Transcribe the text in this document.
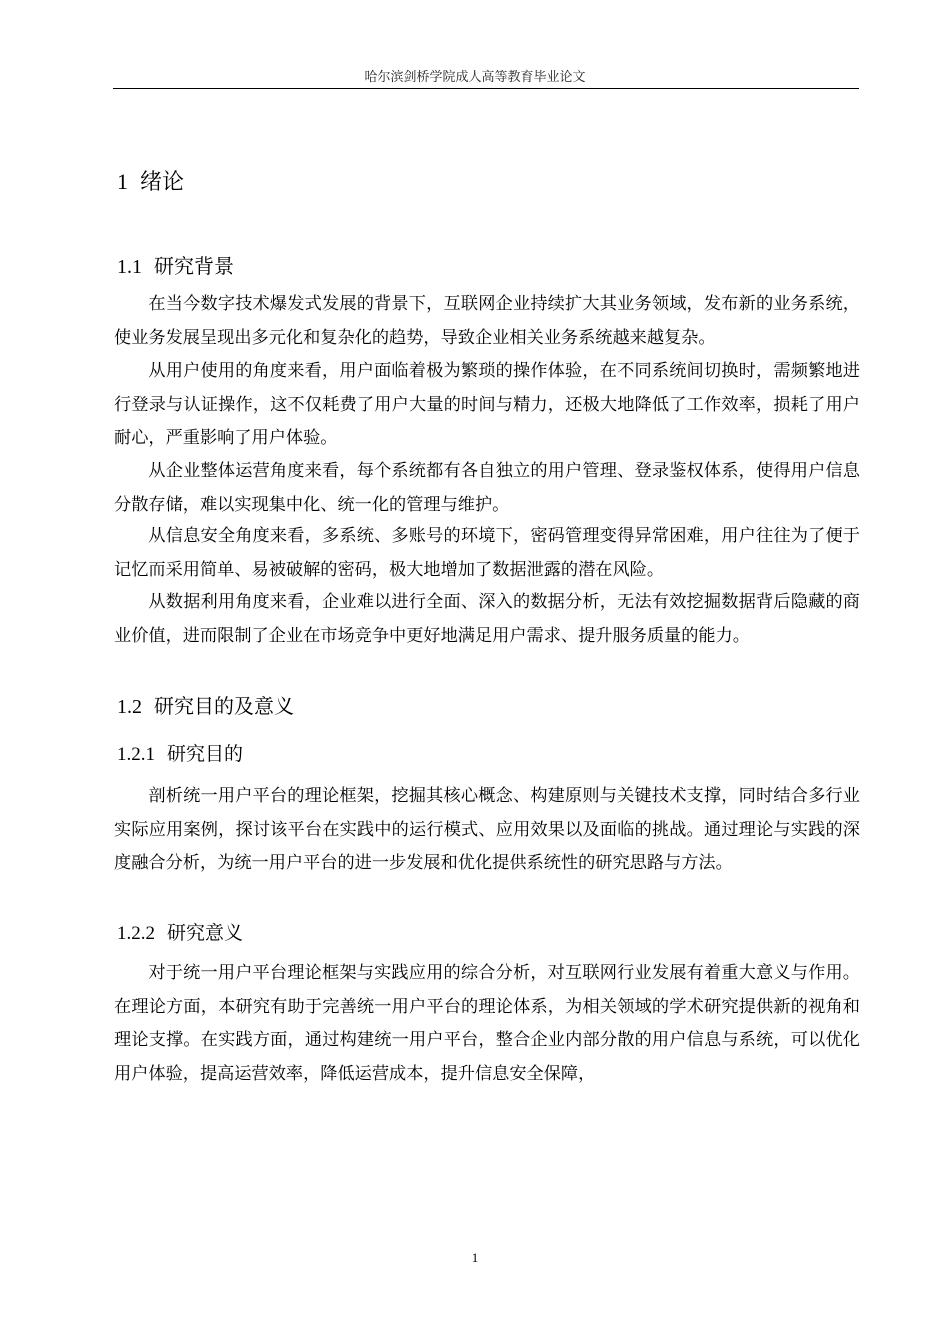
哈尔滨剑桥学院成人高等教育毕业论文
1 绪论
1.1 研究背景

在当今数字技术爆发式发展的背景下，互联网企业持续扩大其业务领域，发布新的业务系统，使业务发展呈现出多元化和复杂化的趋势，导致企业相关业务系统越来越复杂。

从用户使用的角度来看，用户面临着极为繁琐的操作体验，在不同系统间切换时，需频繁地进行登录与认证操作，这不仅耗费了用户大量的时间与精力，还极大地降低了工作效率，损耗了用户耐心，严重影响了用户体验。

从企业整体运营角度来看，每个系统都有各自独立的用户管理、登录鉴权体系，使得用户信息分散存储，难以实现集中化、统一化的管理与维护。

从信息安全角度来看，多系统、多账号的环境下，密码管理变得异常困难，用户往往为了便于记忆而采用简单、易被破解的密码，极大地增加了数据泄露的潜在风险。

从数据利用角度来看，企业难以进行全面、深入的数据分析，无法有效挖掘数据背后隐藏的商业价值，进而限制了企业在市场竞争中更好地满足用户需求、提升服务质量的能力。

1.2 研究目的及意义
1.2.1 研究目的

剖析统一用户平台的理论框架，挖掘其核心概念、构建原则与关键技术支撑，同时结合多行业实际应用案例，探讨该平台在实践中的运行模式、应用效果以及面临的挑战。通过理论与实践的深度融合分析，为统一用户平台的进一步发展和优化提供系统性的研究思路与方法。

1.2.2 研究意义

对于统一用户平台理论框架与实践应用的综合分析，对互联网行业发展有着重大意义与作用。在理论方面，本研究有助于完善统一用户平台的理论体系，为相关领域的学术研究提供新的视角和理论支撑。在实践方面，通过构建统一用户平台，整合企业内部分散的用户信息与系统，可以优化用户体验，提高运营效率，降低运营成本，提升信息安全保障，

1
